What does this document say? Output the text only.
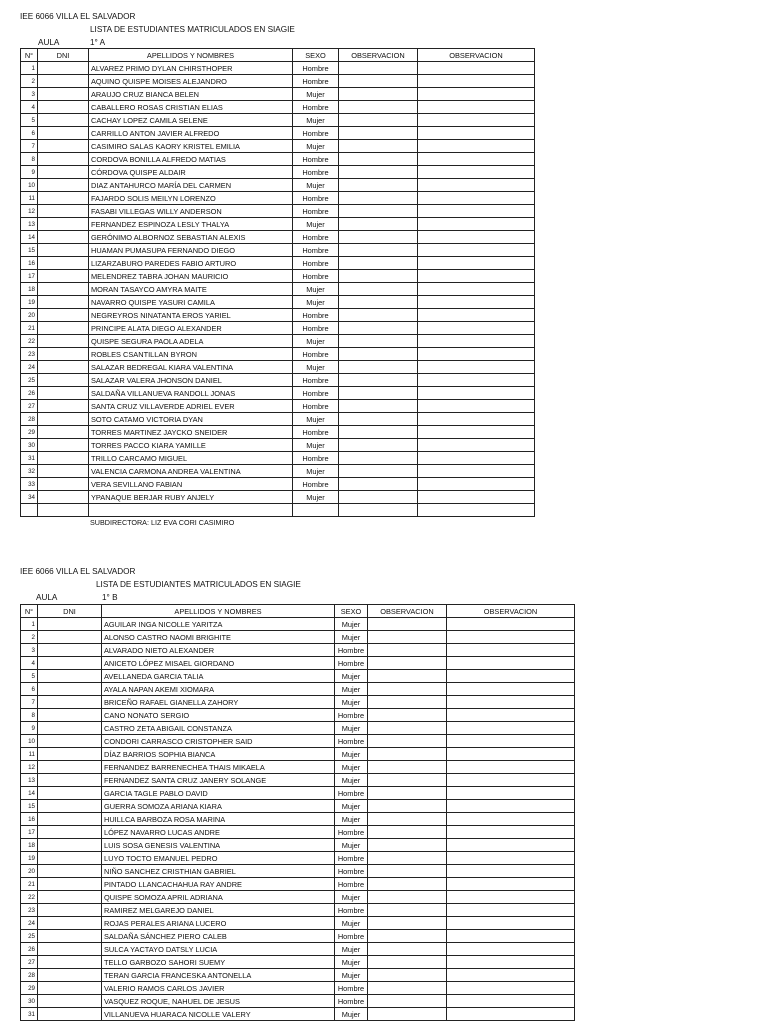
IEE 6066 VILLA EL SALVADOR
LISTA DE ESTUDIANTES MATRICULADOS EN SIAGIE
AULA	1° A
N°	DNI	APELLIDOS Y NOMBRES	SEXO	OBSERVACION	OBSERVACION
1		ALVAREZ PRIMO DYLAN CHIRSTHOPER	Hombre		
2		AQUINO QUISPE MOISES ALEJANDRO	Hombre		
3		ARAUJO CRUZ BIANCA BELEN	Mujer		
4		CABALLERO ROSAS CRISTIAN ELIAS	Hombre		
5		CACHAY LOPEZ CAMILA SELENE	Mujer		
6		CARRILLO ANTON JAVIER ALFREDO	Hombre		
7		CASIMIRO SALAS KAORY KRISTEL EMILIA	Mujer		
8		CORDOVA BONILLA ALFREDO MATIAS	Hombre		
9		CÓRDOVA QUISPE ALDAIR	Hombre		
10		DIAZ ANTAHURCO MARÍA DEL CARMEN	Mujer		
11		FAJARDO SOLIS MEILYN LORENZO	Hombre		
12		FASABI VILLEGAS WILLY ANDERSON	Hombre		
13		FERNANDEZ ESPINOZA LESLY THALYA	Mujer		
14		GERÓNIMO ALBORNOZ SEBASTIAN ALEXIS	Hombre		
15		HUAMAN PUMASUPA FERNANDO DIEGO	Hombre		
16		LIZARZABURO PAREDES FABIO ARTURO	Hombre		
17		MELENDREZ TABRA JOHAN MAURICIO	Hombre		
18		MORAN TASAYCO AMYRA MAITE	Mujer		
19		NAVARRO QUISPE YASURI CAMILA	Mujer		
20		NEGREYROS NINATANTA EROS YARIEL	Hombre		
21		PRINCIPE ALATA DIEGO ALEXANDER	Hombre		
22		QUISPE SEGURA PAOLA ADELA	Mujer		
23		ROBLES CSANTILLAN BYRON	Hombre		
24		SALAZAR BEDREGAL KIARA VALENTINA	Mujer		
25		SALAZAR VALERA JHONSON DANIEL	Hombre		
26		SALDAÑA VILLANUEVA RANDOLL JONAS	Hombre		
27		SANTA CRUZ VILLAVERDE ADRIEL EVER	Hombre		
28		SOTO CATAMO VICTORIA DYAN	Mujer		
29		TORRES MARTINEZ JAYCKO SNEIDER	Hombre		
30		TORRES PACCO KIARA YAMILLE	Mujer		
31		TRILLO CARCAMO MIGUEL	Hombre		
32		VALENCIA CARMONA ANDREA VALENTINA	Mujer		
33		VERA SEVILLANO FABIAN	Hombre		
34		YPANAQUE BERJAR RUBY ANJELY	Mujer		

SUBDIRECTORA: LIZ EVA CORI CASIMIRO
IEE 6066 VILLA EL SALVADOR
LISTA DE ESTUDIANTES MATRICULADOS EN SIAGIE
AULA	1° B
N°	DNI	APELLIDOS Y NOMBRES	SEXO	OBSERVACION	OBSERVACION
1		AGUILAR INGA NICOLLE YARITZA	Mujer		
2		ALONSO CASTRO NAOMI BRIGHITE	Mujer		
3		ALVARADO NIETO ALEXANDER	Hombre		
4		ANICETO LÓPEZ MISAEL GIORDANO	Hombre		
5		AVELLANEDA GARCIA TALIA	Mujer		
6		AYALA NAPAN AKEMI XIOMARA	Mujer		
7		BRICEÑO RAFAEL GIANELLA ZAHORY	Mujer		
8		CANO NONATO SERGIO	Hombre		
9		CASTRO ZETA ABIGAIL CONSTANZA	Mujer		
10		CONDORI CARRASCO CRISTOPHER SAID	Hombre		
11		DÍAZ BARRIOS SOPHIA BIANCA	Mujer		
12		FERNANDEZ BARRENECHEA THAIS MIKAELA	Mujer		
13		FERNANDEZ SANTA CRUZ JANERY SOLANGE	Mujer		
14		GARCIA TAGLE PABLO DAVID	Hombre		
15		GUERRA SOMOZA ARIANA KIARA	Mujer		
16		HUILLCA BARBOZA ROSA MARINA	Mujer		
17		LÓPEZ NAVARRO LUCAS ANDRE	Hombre		
18		LUIS SOSA GENESIS VALENTINA	Mujer		
19		LUYO TOCTO EMANUEL PEDRO	Hombre		
20		NIÑO SANCHEZ CRISTHIAN GABRIEL	Hombre		
21		PINTADO LLANCACHAHUA RAY ANDRE	Hombre		
22		QUISPE SOMOZA APRIL ADRIANA	Mujer		
23		RAMIREZ MELGAREJO DANIEL	Hombre		
24		ROJAS PERALES ARIANA LUCERO	Mujer		
25		SALDAÑA SÁNCHEZ PIERO CALEB	Hombre		
26		SULCA YACTAYO DATSLY LUCIA	Mujer		
27		TELLO GARBOZO SAHORI SUEMY	Mujer		
28		TERAN GARCIA FRANCESKA ANTONELLA	Mujer		
29		VALERIO RAMOS CARLOS JAVIER	Hombre		
30		VASQUEZ ROQUE, NAHUEL DE JESUS	Hombre		
31		VILLANUEVA HUARACA NICOLLE VALERY	Mujer		
